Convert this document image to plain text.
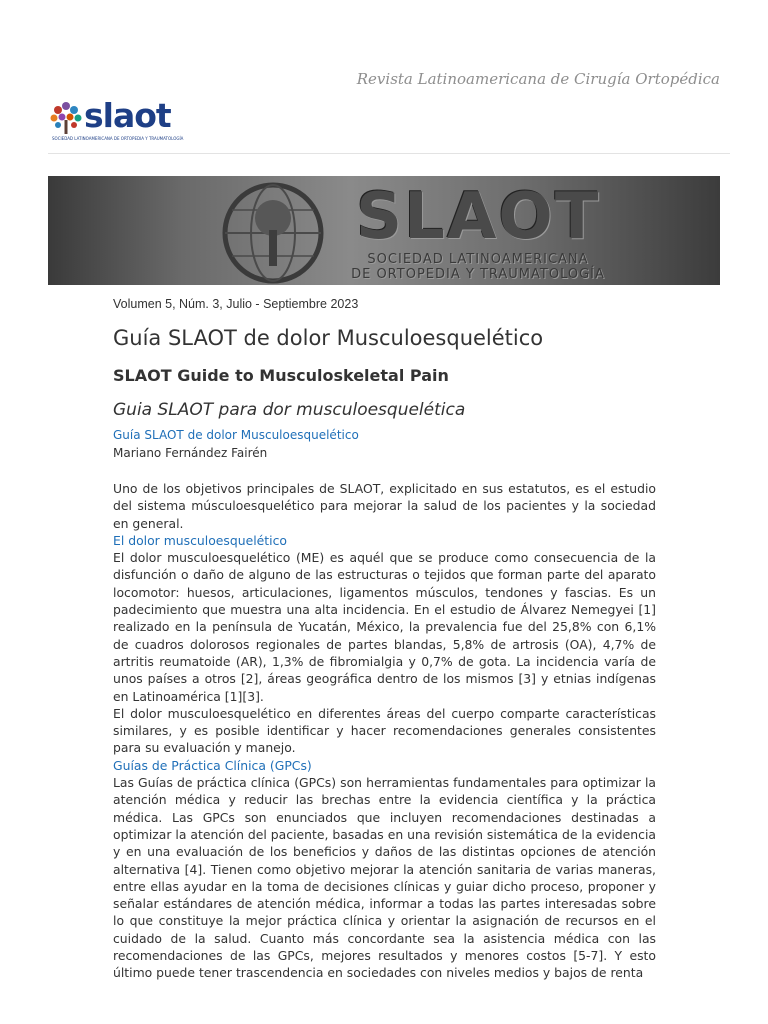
Revista Latinoamericana de Cirugía Ortopédica
slaot
SOCIEDAD LATINOAMERICANA DE ORTOPEDIA Y TRAUMATOLOGÍA
SLAOT
SOCIEDAD LATINOAMERICANA
DE ORTOPEDIA Y TRAUMATOLOGÍA
Volumen 5, Núm. 3, Julio - Septiembre 2023
Guía SLAOT de dolor Musculoesquelético
SLAOT Guide to Musculoskeletal Pain
Guia SLAOT para dor musculoesquelética
Guía SLAOT de dolor Musculoesquelético
Mariano Fernández Fairén

Uno de los objetivos principales de SLAOT, explicitado en sus estatutos, es el estudio del sistema músculoesquelético para mejorar la salud de los pacientes y la sociedad en general.

El dolor musculoesquelético

El dolor musculoesquelético (ME) es aquél que se produce como consecuencia de la disfunción o daño de alguno de las estructuras o tejidos que forman parte del aparato locomotor: huesos, articulaciones, ligamentos músculos, tendones y fascias. Es un padecimiento que muestra una alta incidencia. En el estudio de Álvarez Nemegyei [1] realizado en la península de Yucatán, México, la prevalencia fue del 25,8% con 6,1% de cuadros dolorosos regionales de partes blandas, 5,8% de artrosis (OA), 4,7% de artritis reumatoide (AR), 1,3% de fibromialgia y 0,7% de gota. La incidencia varía de unos países a otros [2], áreas geográfica dentro de los mismos [3] y etnias indígenas en Latinoamérica [1][3].

El dolor musculoesquelético en diferentes áreas del cuerpo comparte características similares, y es posible identificar y hacer recomendaciones generales consistentes para su evaluación y manejo.

Guías de Práctica Clínica (GPCs)

Las Guías de práctica clínica (GPCs) son herramientas fundamentales para optimizar la atención médica y reducir las brechas entre la evidencia científica y la práctica médica. Las GPCs son enunciados que incluyen recomendaciones destinadas a optimizar la atención del paciente, basadas en una revisión sistemática de la evidencia y en una evaluación de los beneficios y daños de las distintas opciones de atención alternativa [4]. Tienen como objetivo mejorar la atención sanitaria de varias maneras, entre ellas ayudar en la toma de decisiones clínicas y guiar dicho proceso, proponer y señalar estándares de atención médica, informar a todas las partes interesadas sobre lo que constituye la mejor práctica clínica y orientar la asignación de recursos en el cuidado de la salud. Cuanto más concordante sea la asistencia médica con las recomendaciones de las GPCs, mejores resultados y menores costos [5-7]. Y esto último puede tener trascendencia en sociedades con niveles medios y bajos de renta
